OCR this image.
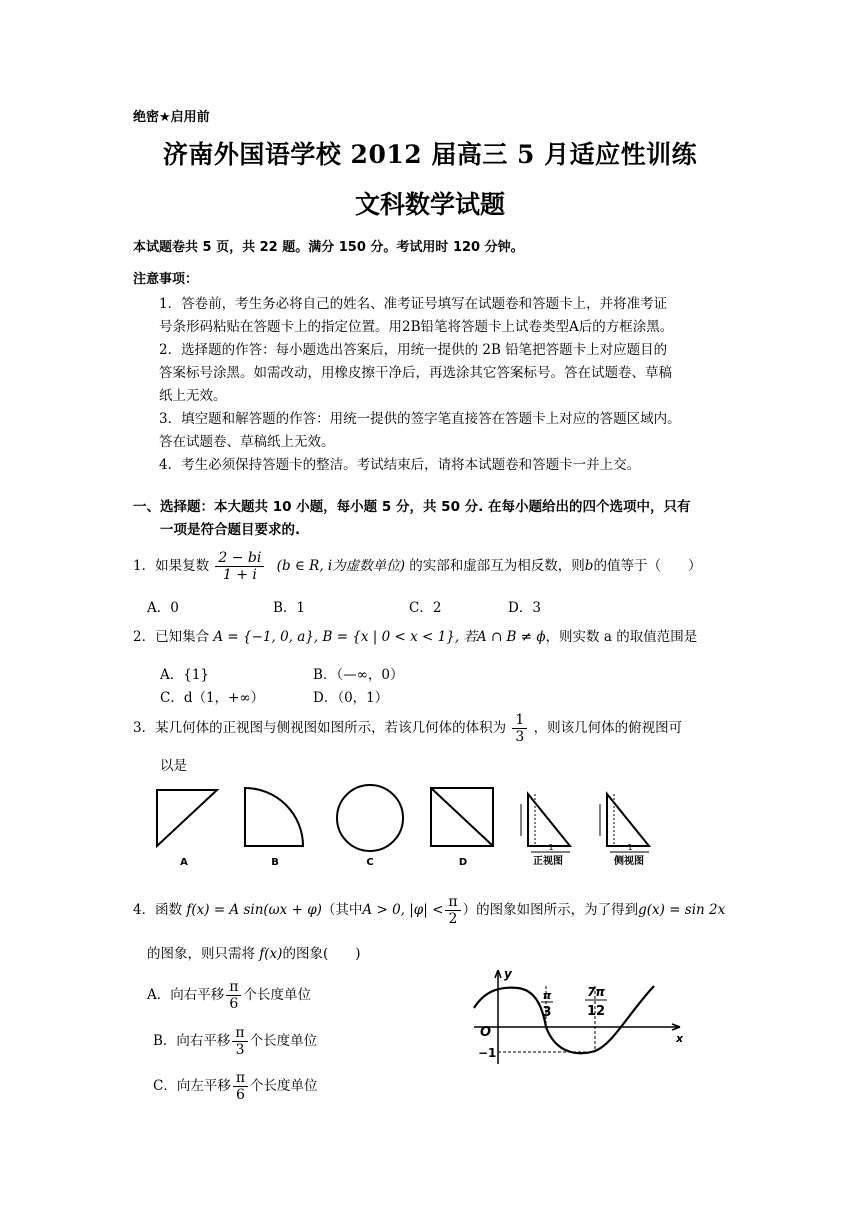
绝密★启用前
济南外国语学校 2012 届高三 5 月适应性训练
文科数学试题
本试题卷共 5 页，共 22 题。满分 150 分。考试用时 120 分钟。
注意事项：
1．答卷前，考生务必将自己的姓名、准考证号填写在试题卷和答题卡上，并将准考证
号条形码粘贴在答题卡上的指定位置。用2B铅笔将答题卡上试卷类型A后的方框涂黑。
2．选择题的作答：每小题选出答案后，用统一提供的 2B 铅笔把答题卡上对应题目的
答案标号涂黑。如需改动，用橡皮擦干净后，再选涂其它答案标号。答在试题卷、草稿
纸上无效。
3．填空题和解答题的作答：用统一提供的签字笔直接答在答题卡上对应的答题区域内。
答在试题卷、草稿纸上无效。
4．考生必须保持答题卡的整洁。考试结束后，请将本试题卷和答题卡一并上交。
一、选择题：本大题共 10 小题，每小题 5 分，共 50 分. 在每小题给出的四个选项中，只有
一项是符合题目要求的.
1．如果复数 $\frac{2 - bi}{1 + i} (b$ ∈ R, i为虚数单位) 的实部和虚部互为相反数，则b的值等于（　　）
A．0	B．1	C．2	D．3
2．已知集合 A = {−1, 0, a}, B = {x | 0 < x < 1}, 若A ∩ B ≠ ϕ，则实数 a 的取值范围是
A．{1}	B．（—∞，0）
C．d（1，+∞）	D．（0，1）
3．某几何体的正视图与侧视图如图所示，若该几何体的体积为 $\frac{1}{3}$ ，则该几何体的俯视图可
以是
A	B	C	D	正视图	侧视图
1	1
4．函数 f(x) = A sin(ωx + φ)（其中A > 0, $|\varphi| < \frac{\pi}{2}$ ）的图象如图所示，为了得到g(x) = sin 2x
的图象，则只需将 f(x)的图象(　　)
A．向右平移 $\frac{\pi}{6}$ 个长度单位
B．向右平移 $\frac{\pi}{3}$ 个长度单位
C．向左平移 $\frac{\pi}{6}$ 个长度单位
y
x
O
−1
π
3
7π
12
